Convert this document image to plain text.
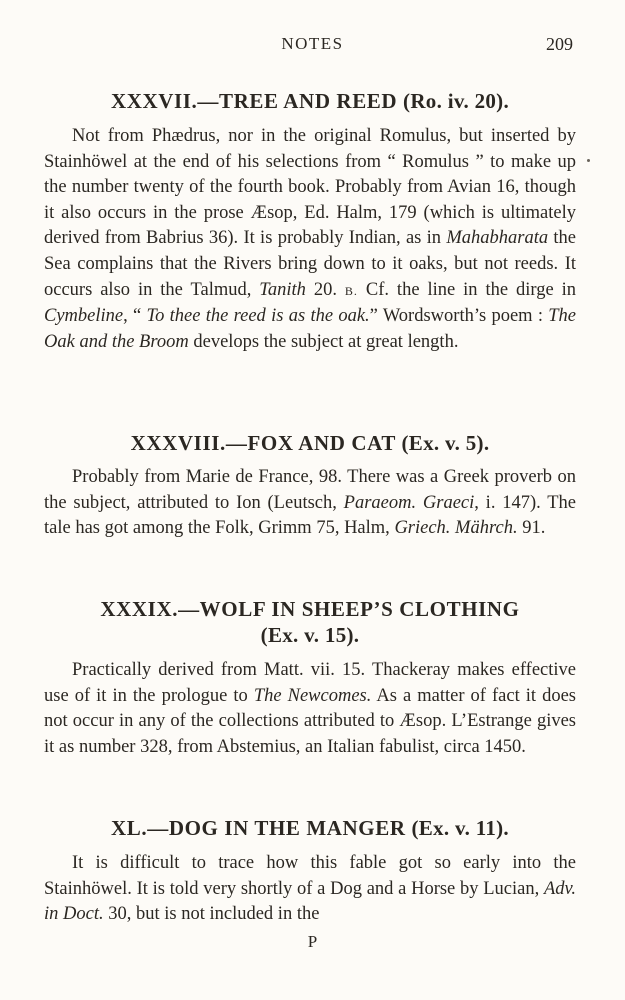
NOTES	209
XXXVII.—TREE AND REED (Ro. iv. 20).

Not from Phædrus, nor in the original Romulus, but inserted by Stainhöwel at the end of his selections from “ Romulus ” to make up the number twenty of the fourth book. Probably from Avian 16, though it also occurs in the prose Æsop, Ed. Halm, 179 (which is ultimately derived from Babrius 36). It is probably Indian, as in Mahabharata the Sea complains that the Rivers bring down to it oaks, but not reeds. It occurs also in the Talmud, Tanith 20. B. Cf. the line in the dirge in Cymbeline, “ To thee the reed is as the oak.” Wordsworth’s poem : The Oak and the Broom develops the subject at great length.

XXXVIII.—FOX AND CAT (Ex. v. 5).

Probably from Marie de France, 98. There was a Greek proverb on the subject, attributed to Ion (Leutsch, Paraeom. Graeci, i. 147). The tale has got among the Folk, Grimm 75, Halm, Griech. Mährch. 91.

XXXIX.—WOLF IN SHEEP’S CLOTHING
(Ex. v. 15).

Practically derived from Matt. vii. 15. Thackeray makes effective use of it in the prologue to The Newcomes. As a matter of fact it does not occur in any of the collections attributed to Æsop. L’Estrange gives it as number 328, from Abstemius, an Italian fabulist, circa 1450.

XL.—DOG IN THE MANGER (Ex. v. 11).

It is difficult to trace how this fable got so early into the Stainhöwel. It is told very shortly of a Dog and a Horse by Lucian, Adv. in Doct. 30, but is not included in the

P
